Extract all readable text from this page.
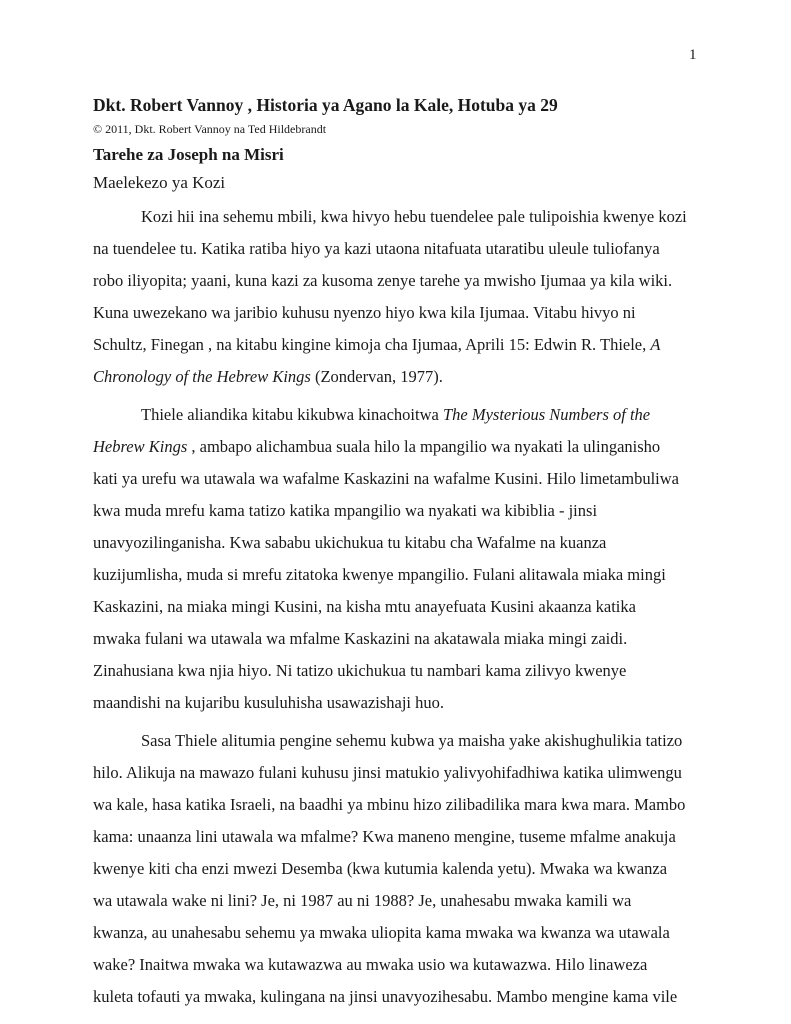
1

Dkt. Robert Vannoy , Historia ya Agano la Kale, Hotuba ya 29

© 2011, Dkt. Robert Vannoy na Ted Hildebrandt

Tarehe za Joseph na Misri

Maelekezo ya Kozi

Kozi hii ina sehemu mbili, kwa hivyo hebu tuendelee pale tulipoishia kwenye kozi
na tuendelee tu. Katika ratiba hiyo ya kazi utaona nitafuata utaratibu uleule tuliofanya
robo iliyopita; yaani, kuna kazi za kusoma zenye tarehe ya mwisho Ijumaa ya kila wiki.
Kuna uwezekano wa jaribio kuhusu nyenzo hiyo kwa kila Ijumaa. Vitabu hivyo ni
Schultz, Finegan , na kitabu kingine kimoja cha Ijumaa, Aprili 15: Edwin R. Thiele, A
Chronology of the Hebrew Kings (Zondervan, 1977).
Thiele aliandika kitabu kikubwa kinachoitwa The Mysterious Numbers of the
Hebrew Kings , ambapo alichambua suala hilo la mpangilio wa nyakati la ulinganisho
kati ya urefu wa utawala wa wafalme Kaskazini na wafalme Kusini. Hilo limetambuliwa
kwa muda mrefu kama tatizo katika mpangilio wa nyakati wa kibiblia - jinsi
unavyozilinganisha. Kwa sababu ukichukua tu kitabu cha Wafalme na kuanza
kuzijumlisha, muda si mrefu zitatoka kwenye mpangilio. Fulani alitawala miaka mingi
Kaskazini, na miaka mingi Kusini, na kisha mtu anayefuata Kusini akaanza katika
mwaka fulani wa utawala wa mfalme Kaskazini na akatawala miaka mingi zaidi.
Zinahusiana kwa njia hiyo. Ni tatizo ukichukua tu nambari kama zilivyo kwenye
maandishi na kujaribu kusuluhisha usawazishaji huo.
Sasa Thiele alitumia pengine sehemu kubwa ya maisha yake akishughulikia tatizo
hilo. Alikuja na mawazo fulani kuhusu jinsi matukio yalivyohifadhiwa katika ulimwengu
wa kale, hasa katika Israeli, na baadhi ya mbinu hizo zilibadilika mara kwa mara. Mambo
kama: unaanza lini utawala wa mfalme? Kwa maneno mengine, tuseme mfalme anakuja
kwenye kiti cha enzi mwezi Desemba (kwa kutumia kalenda yetu). Mwaka wa kwanza
wa utawala wake ni lini? Je, ni 1987 au ni 1988? Je, unahesabu mwaka kamili wa
kwanza, au unahesabu sehemu ya mwaka uliopita kama mwaka wa kwanza wa utawala
wake? Inaitwa mwaka wa kutawazwa au mwaka usio wa kutawazwa. Hilo linaweza
kuleta tofauti ya mwaka, kulingana na jinsi unavyozihesabu. Mambo mengine kama vile
